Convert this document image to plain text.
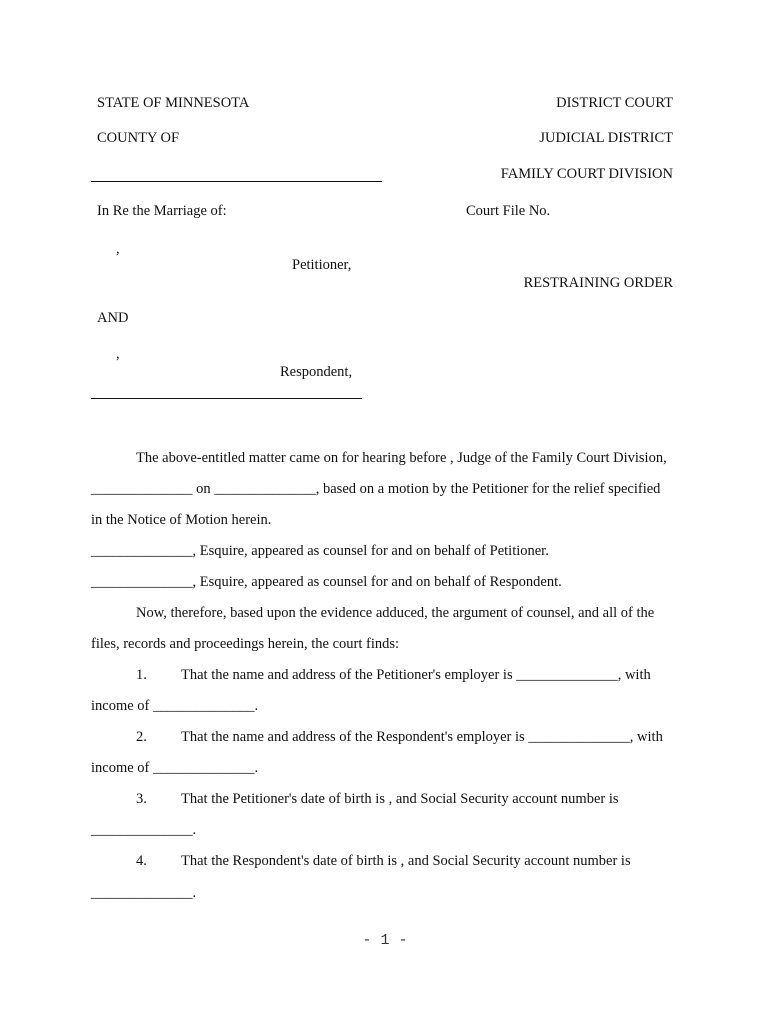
STATE OF MINNESOTA	DISTRICT COURT
COUNTY OF	JUDICIAL DISTRICT
FAMILY COURT DIVISION
In Re the Marriage of:	Court File No.
,
Petitioner,
RESTRAINING ORDER
AND
,
Respondent,
The above-entitled matter came on for hearing before , Judge of the Family Court Division,
______________ on ______________, based on a motion by the Petitioner for the relief specified
in the Notice of Motion herein.
______________, Esquire, appeared as counsel for and on behalf of Petitioner.
______________, Esquire, appeared as counsel for and on behalf of Respondent.
Now, therefore, based upon the evidence adduced, the argument of counsel, and all of the
files, records and proceedings herein, the court finds:
1. That the name and address of the Petitioner's employer is ______________, with
income of ______________.
2. That the name and address of the Respondent's employer is ______________, with
income of ______________.
3. That the Petitioner's date of birth is , and Social Security account number is
______________.
4. That the Respondent's date of birth is , and Social Security account number is
______________.
- 1 -
